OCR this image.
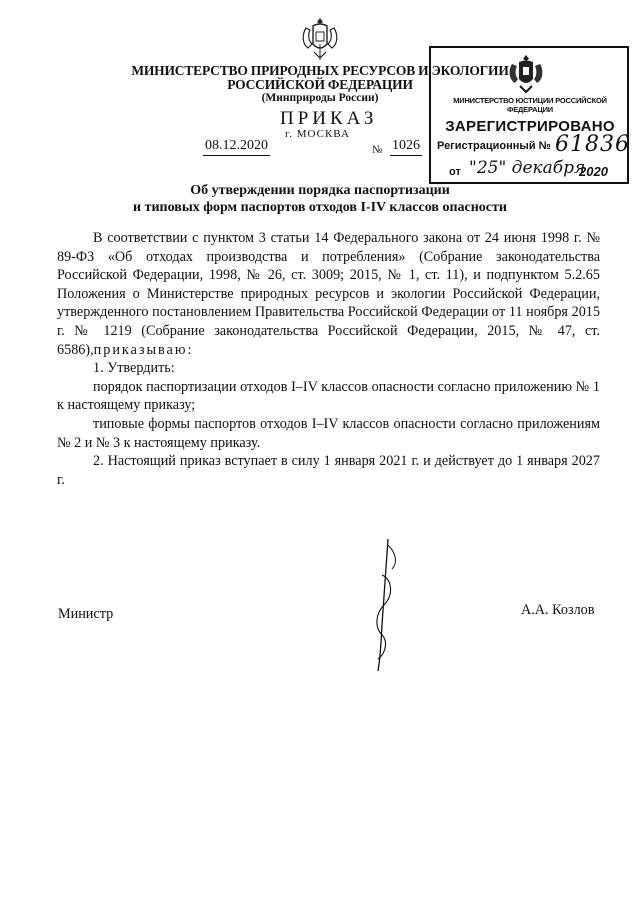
МИНИСТЕРСТВО ПРИРОДНЫХ РЕСУРСОВ И ЭКОЛОГИИ
РОССИЙСКОЙ ФЕДЕРАЦИИ
(Минприроды России)
ПРИКАЗ
г. МОСКВА
08.12.2020	№ 1026
МИНИСТЕРСТВО ЮСТИЦИИ РОССИЙСКОЙ ФЕДЕРАЦИИ
ЗАРЕГИСТРИРОВАНО
Регистрационный № 61836
от "25" декабря
2020
Об утверждении порядка паспортизации
и типовых форм паспортов отходов I-IV классов опасности

В соответствии с пунктом 3 статьи 14 Федерального закона от 24 июня 1998 г. № 89-ФЗ «Об отходах производства и потребления» (Собрание законодательства Российской Федерации, 1998, № 26, ст. 3009; 2015, № 1, ст. 11), и подпунктом 5.2.65 Положения о Министерстве природных ресурсов и экологии Российской Федерации, утвержденного постановлением Правительства Российской Федерации от 11 ноября 2015 г. № 1219 (Собрание законодательства Российской Федерации, 2015, № 47, ст. 6586),приказываю:

1. Утвердить:

порядок паспортизации отходов I–IV классов опасности согласно приложению № 1 к настоящему приказу;

типовые формы паспортов отходов I–IV классов опасности согласно приложениям № 2 и № 3 к настоящему приказу.

2. Настоящий приказ вступает в силу 1 января 2021 г. и действует до 1 января 2027 г.

Министр	А.А. Козлов
